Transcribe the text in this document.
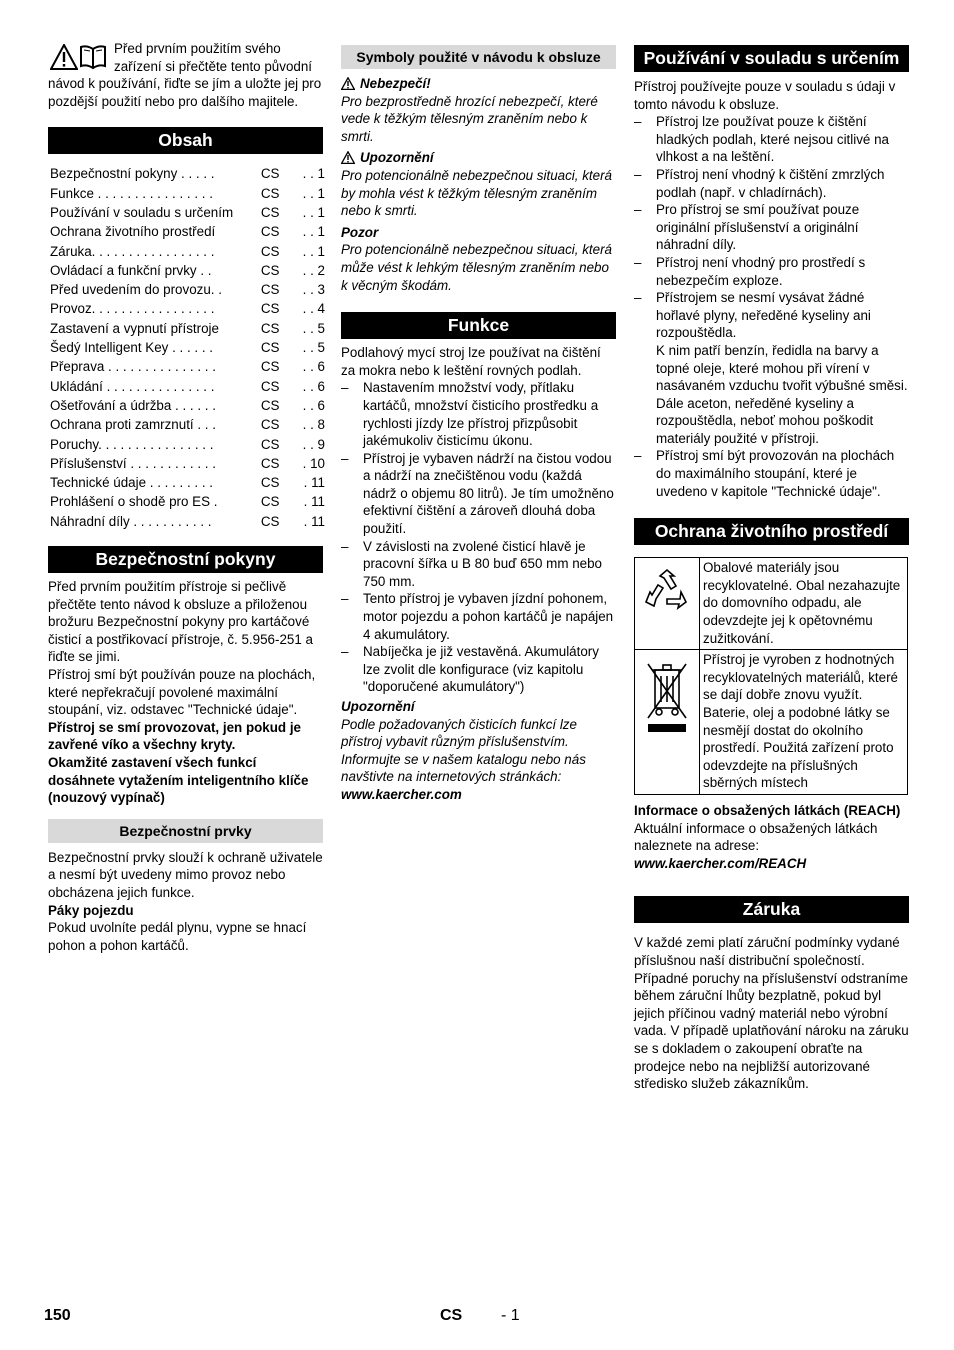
Před prvním použitím svého zařízení si přečtěte tento původní návod k používání, řiďte se jím a uložte jej pro pozdější použití nebo pro dalšího majitele.

Obsah
Bezpečnostní pokyny . . . . .	CS	. . 1
Funkce . . . . . . . . . . . . . . . .	CS	. . 1
Používání v souladu s určením	CS	. . 1
Ochrana životního prostředí	CS	. . 1
Záruka. . . . . . . . . . . . . . . . .	CS	. . 1
Ovládací a funkční prvky . .	CS	. . 2
Před uvedením do provozu. .	CS	. . 3
Provoz. . . . . . . . . . . . . . . . .	CS	. . 4
Zastavení a vypnutí přístroje	CS	. . 5
Šedý Intelligent Key . . . . . .	CS	. . 5
Přeprava . . . . . . . . . . . . . . .	CS	. . 6
Ukládání . . . . . . . . . . . . . . .	CS	. . 6
Ošetřování a údržba . . . . . .	CS	. . 6
Ochrana proti zamrznutí . . .	CS	. . 8
Poruchy. . . . . . . . . . . . . . . .	CS	. . 9
Příslušenství . . . . . . . . . . . .	CS	. 10
Technické údaje . . . . . . . . .	CS	. 11
Prohlášení o shodě pro ES .	CS	. 11
Náhradní díly . . . . . . . . . . .	CS	. 11
Bezpečnostní pokyny

Před prvním použitím přístroje si pečlivě přečtěte tento návod k obsluze a přiloženou brožuru Bezpečnostní pokyny pro kartáčové čisticí a postřikovací přístroje, č. 5.956-251 a řiďte se jimi.

Přístroj smí být používán pouze na plochách, které nepřekračují povolené maximální stoupání, viz. odstavec "Technické údaje".

Přístroj se smí provozovat, jen pokud je zavřené víko a všechny kryty.

Okamžité zastavení všech funkcí dosáhnete vytažením inteligentního klíče (nouzový vypínač)

Bezpečnostní prvky

Bezpečnostní prvky slouží k ochraně uživatele a nesmí být uvedeny mimo provoz nebo obcházena jejich funkce.

Páky pojezdu

Pokud uvolníte pedál plynu, vypne se hnací pohon a pohon kartáčů.

Symboly použité v návodu k obsluze

Nebezpečí!

Pro bezprostředně hrozící nebezpečí, které vede k těžkým tělesným zraněním nebo k smrti.

Upozornění

Pro potencionálně nebezpečnou situaci, která by mohla vést k těžkým tělesným zraněním nebo k smrti.

Pozor

Pro potencionálně nebezpečnou situaci, která může vést k lehkým tělesným zraněním nebo k věcným škodám.

Funkce

Podlahový mycí stroj lze používat na čištění za mokra nebo k leštění rovných podlah.

– Nastavením množství vody, přítlaku kartáčů, množství čisticího prostředku a rychlosti jízdy lze přístroj přizpůsobit jakémukoliv čisticímu úkonu.
– Přístroj je vybaven nádrží na čistou vodou a nádrží na znečištěnou vodu (každá nádrž o objemu 80 litrů). Je tím umožněno efektivní čištění a zároveň dlouhá doba použití.
– V závislosti na zvolené čisticí hlavě je pracovní šířka u B 80 buď 650 mm nebo 750 mm.
– Tento přístroj je vybaven jízdní pohonem, motor pojezdu a pohon kartáčů je napájen 4 akumulátory.
– Nabíječka je již vestavěná. Akumulátory lze zvolit dle konfigurace (viz kapitolu "doporučené akumulátory")

Upozornění

Podle požadovaných čisticích funkcí lze přístroj vybavit různým příslušenstvím. Informujte se v našem katalogu nebo nás navštivte na internetových stránkách:

www.kaercher.com

Používání v souladu s určením

Přístroj používejte pouze v souladu s údaji v tomto návodu k obsluze.

– Přístroj lze používat pouze k čištění hladkých podlah, které nejsou citlivé na vlhkost a na leštění.
– Přístroj není vhodný k čištění zmrzlých podlah (např. v chladírnách).
– Pro přístroj se smí používat pouze originální příslušenství a originální náhradní díly.
– Přístroj není vhodný pro prostředí s nebezpečím exploze.
– Přístrojem se nesmí vysávat žádné hořlavé plyny, neředěné kyseliny ani rozpouštědla.
K nim patří benzín, ředidla na barvy a topné oleje, které mohou při vírení v nasávaném vzduchu tvořit výbušné směsi. Dále aceton, neředěné kyseliny a rozpouštědla, neboť mohou poškodit materiály použité v přístroji.
– Přístroj smí být provozován na plochách do maximálního stoupání, které je uvedeno v kapitole "Technické údaje".
Ochrana životního prostředí
	Obalové materiály jsou recyklovatelné. Obal nezahazujte do domovního odpadu, ale odevzdejte jej k opětovnému zužitkování.
	Přístroj je vyroben z hodnotných recyklovatelných materiálů, které se dají dobře znovu využít. Baterie, olej a podobné látky se nesmějí dostat do okolního prostředí. Použitá zařízení proto odevzdejte na příslušných sběrných místech

Informace o obsažených látkách (REACH)

Aktuální informace o obsažených látkách naleznete na adrese:

www.kaercher.com/REACH

Záruka

V každé zemi platí záruční podmínky vydané příslušnou naší distribuční společností. Případné poruchy na příslušenství odstraníme během záruční lhůty bezplatně, pokud byl jejich příčinou vadný materiál nebo výrobní vada. V případě uplatňování nároku na záruku se s dokladem o zakoupení obraťte na prodejce nebo na nejbližší autorizované středisko služeb zákazníkům.

150	CS - 1
